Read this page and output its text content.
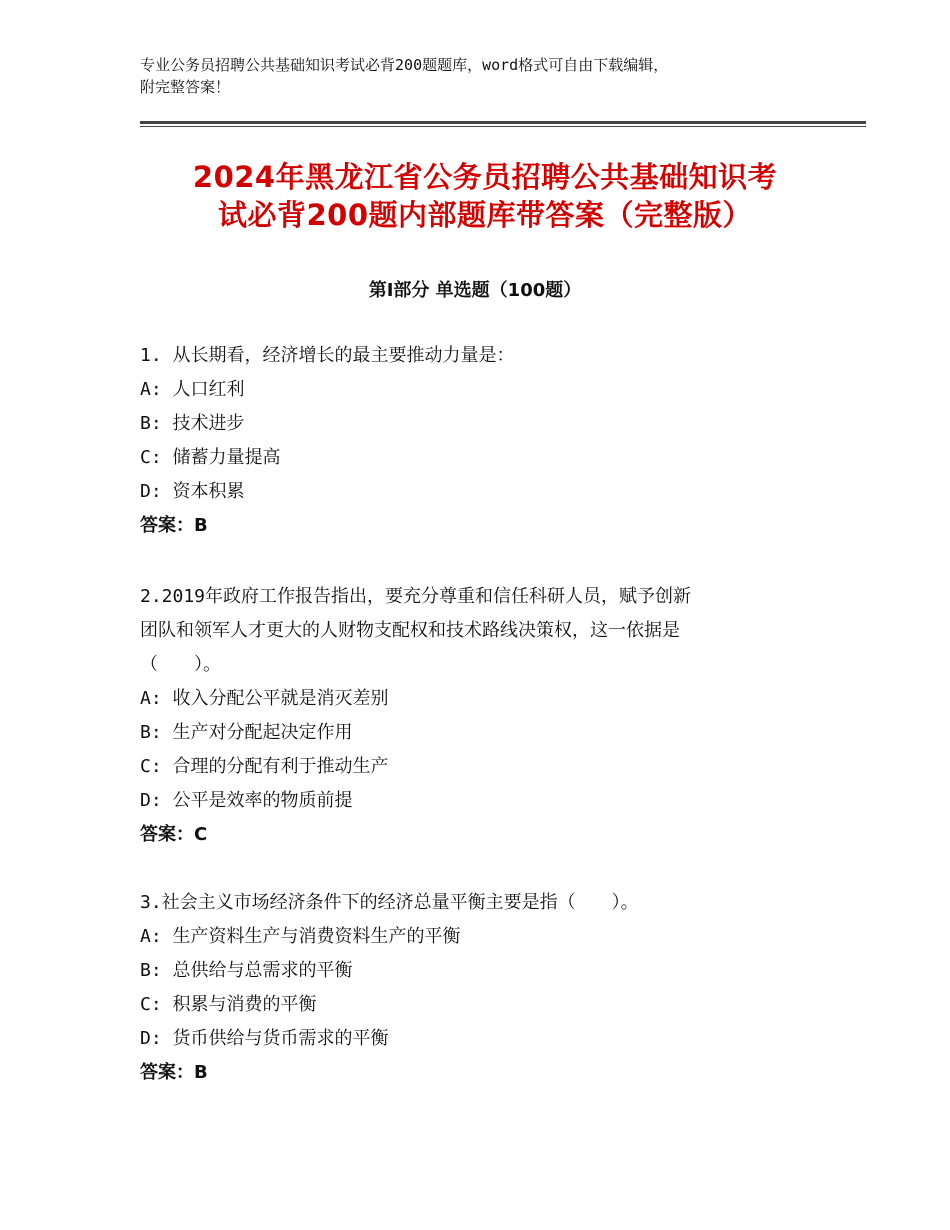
专业公务员招聘公共基础知识考试必背200题题库，word格式可自由下载编辑，
附完整答案！
2024年黑龙江省公务员招聘公共基础知识考
试必背200题内部题库带答案（完整版）
第Ⅰ部分 单选题（100题）
1. 从长期看，经济增长的最主要推动力量是：
A: 人口红利
B: 技术进步
C: 储蓄力量提高
D: 资本积累
答案：B
2.2019年政府工作报告指出，要充分尊重和信任科研人员，赋予创新
团队和领军人才更大的人财物支配权和技术路线决策权，这一依据是
（　　）。
A: 收入分配公平就是消灭差别
B: 生产对分配起决定作用
C: 合理的分配有利于推动生产
D: 公平是效率的物质前提
答案：C
3.社会主义市场经济条件下的经济总量平衡主要是指（　　）。
A: 生产资料生产与消费资料生产的平衡
B: 总供给与总需求的平衡
C: 积累与消费的平衡
D: 货币供给与货币需求的平衡
答案：B
